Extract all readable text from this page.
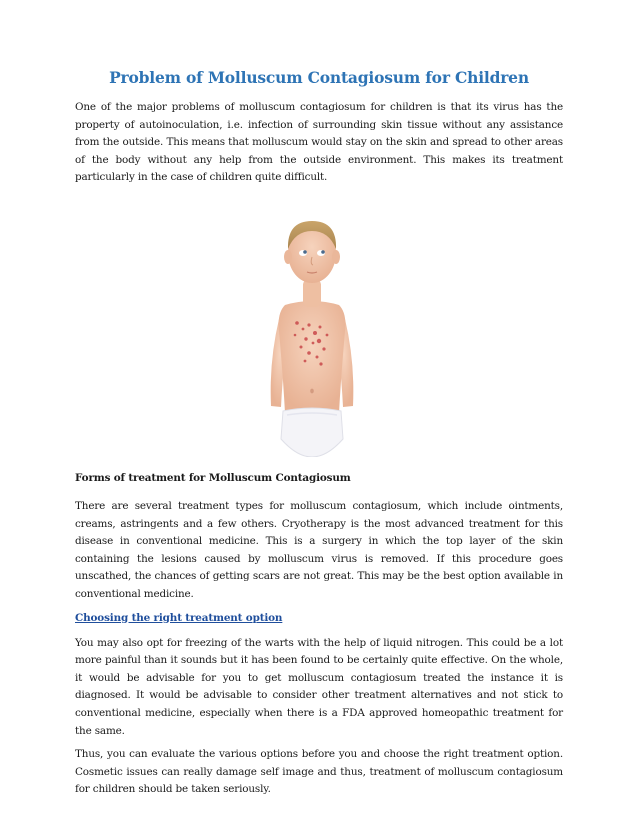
Problem of Molluscum Contagiosum for Children

One of the major problems of molluscum contagiosum for children is that its virus has the property of autoinoculation, i.e. infection of surrounding skin tissue without any assistance from the outside. This means that molluscum would stay on the skin and spread to other areas of the body without any help from the outside environment. This makes its treatment particularly in the case of children quite difficult.

Forms of treatment for Molluscum Contagiosum

There are several treatment types for molluscum contagiosum, which include ointments, creams, astringents and a few others. Cryotherapy is the most advanced treatment for this disease in conventional medicine. This is a surgery in which the top layer of the skin containing the lesions caused by molluscum virus is removed. If this procedure goes unscathed, the chances of getting scars are not great. This may be the best option available in conventional medicine.

Choosing the right treatment option

You may also opt for freezing of the warts with the help of liquid nitrogen. This could be a lot more painful than it sounds but it has been found to be certainly quite effective. On the whole, it would be advisable for you to get molluscum contagiosum treated the instance it is diagnosed. It would be advisable to consider other treatment alternatives and not stick to conventional medicine, especially when there is a FDA approved homeopathic treatment for the same.

Thus, you can evaluate the various options before you and choose the right treatment option. Cosmetic issues can really damage self image and thus, treatment of molluscum contagiosum for children should be taken seriously.
